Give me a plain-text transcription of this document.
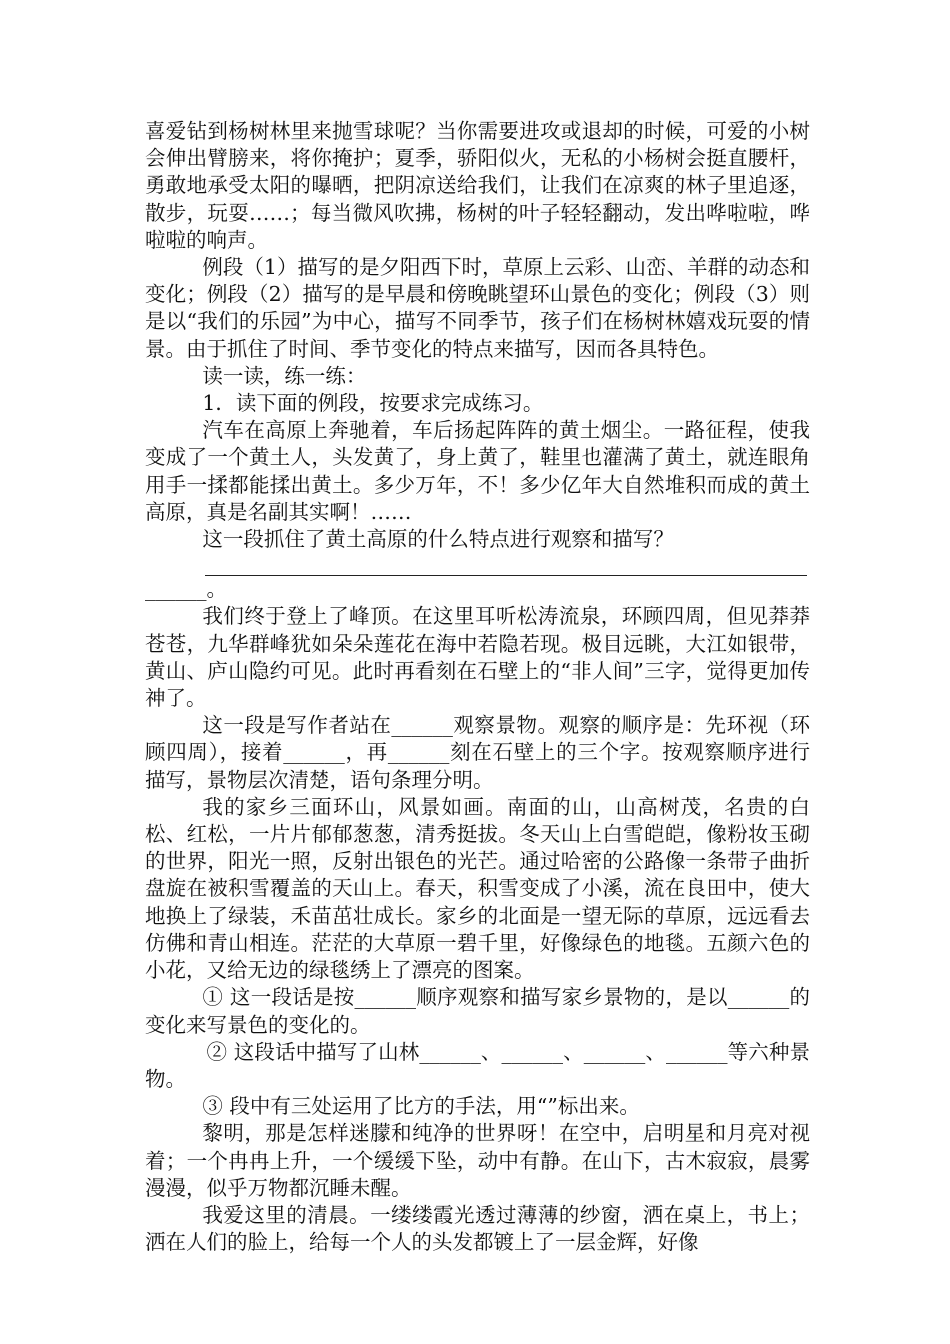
喜爱钻到杨树林里来抛雪球呢？当你需要进攻或退却的时候，可爱的小树会伸出臂膀来，将你掩护；夏季，骄阳似火，无私的小杨树会挺直腰杆，勇敢地承受太阳的曝晒，把阴凉送给我们，让我们在凉爽的林子里追逐，散步，玩耍……；每当微风吹拂，杨树的叶子轻轻翻动，发出哗啦啦，哗啦啦的响声。

例段（1）描写的是夕阳西下时，草原上云彩、山峦、羊群的动态和变化；例段（2）描写的是早晨和傍晚眺望环山景色的变化；例段（3）则是以“我们的乐园”为中心，描写不同季节，孩子们在杨树林嬉戏玩耍的情景。由于抓住了时间、季节变化的特点来描写，因而各具特色。

读一读，练一练：

1．读下面的例段，按要求完成练习。

汽车在高原上奔驰着，车后扬起阵阵的黄土烟尘。一路征程，使我变成了一个黄土人，头发黄了，身上黄了，鞋里也灌满了黄土，就连眼角用手一揉都能揉出黄土。多少万年，不！多少亿年大自然堆积而成的黄土高原，真是名副其实啊！……

这一段抓住了黄土高原的什么特点进行观察和描写？

______。

我们终于登上了峰顶。在这里耳听松涛流泉，环顾四周，但见莽莽苍苍，九华群峰犹如朵朵莲花在海中若隐若现。极目远眺，大江如银带，黄山、庐山隐约可见。此时再看刻在石壁上的“非人间”三字，觉得更加传神了。

这一段是写作者站在______观察景物。观察的顺序是：先环视（环顾四周），接着______，再______刻在石壁上的三个字。按观察顺序进行描写，景物层次清楚，语句条理分明。

我的家乡三面环山，风景如画。南面的山，山高树茂，名贵的白松、红松，一片片郁郁葱葱，清秀挺拔。冬天山上白雪皑皑，像粉妆玉砌的世界，阳光一照，反射出银色的光芒。通过哈密的公路像一条带子曲折盘旋在被积雪覆盖的天山上。春天，积雪变成了小溪，流在良田中，使大地换上了绿装，禾苗茁壮成长。家乡的北面是一望无际的草原，远远看去仿佛和青山相连。茫茫的大草原一碧千里，好像绿色的地毯。五颜六色的小花，又给无边的绿毯绣上了漂亮的图案。

① 这一段话是按______顺序观察和描写家乡景物的，是以______的变化来写景色的变化的。

② 这段话中描写了山林______、______、______、______等六种景物。

③ 段中有三处运用了比方的手法，用“”标出来。

黎明，那是怎样迷朦和纯净的世界呀！在空中，启明星和月亮对视着；一个冉冉上升，一个缓缓下坠，动中有静。在山下，古木寂寂，晨雾漫漫，似乎万物都沉睡未醒。

我爱这里的清晨。一缕缕霞光透过薄薄的纱窗，洒在桌上，书上；洒在人们的脸上，给每一个人的头发都镀上了一层金辉，好像
